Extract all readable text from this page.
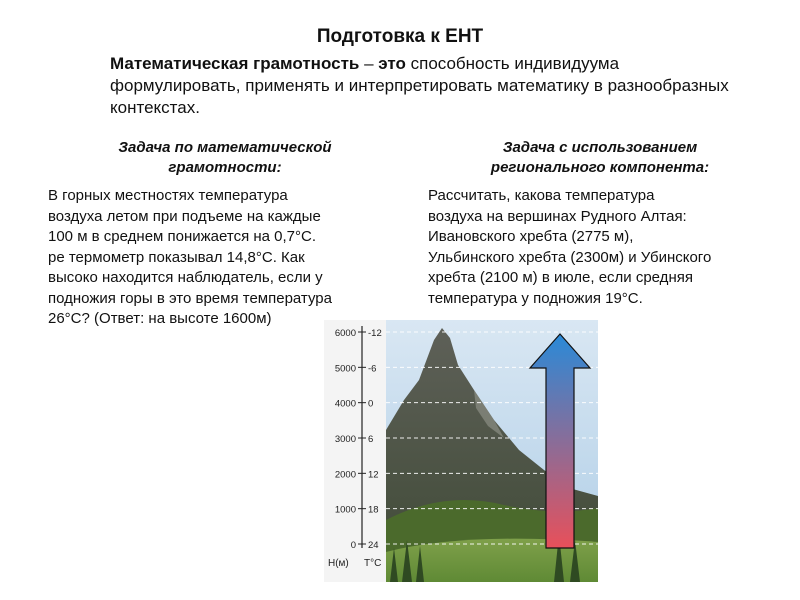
Подготовка к ЕНТ
Математическая грамотность – это способность индивидуума формулировать, применять и интерпретировать математику в разнообразных контекстах.
Задача по математической
грамотности:
В горных местностях температура
воздуха летом при подъеме на каждые
100 м в среднем понижается на 0,7°С.
ре термометр показывал 14,8°С. Как
высоко находится наблюдатель, если у
подножия горы в это время температура
26°С? (Ответ: на высоте 1600м)
Задача с использованием
регионального компонента:
Рассчитать, какова температура
воздуха на вершинах Рудного Алтая:
Ивановского хребта (2775 м),
Ульбинского хребта (2300м) и Убинского
хребта (2100 м) в июле, если средняя
температура у подножия 19°С.
6000 -12
5000 -6
4000 0
3000 6
2000 12
1000 18
0 24
Н(м) Т°С
